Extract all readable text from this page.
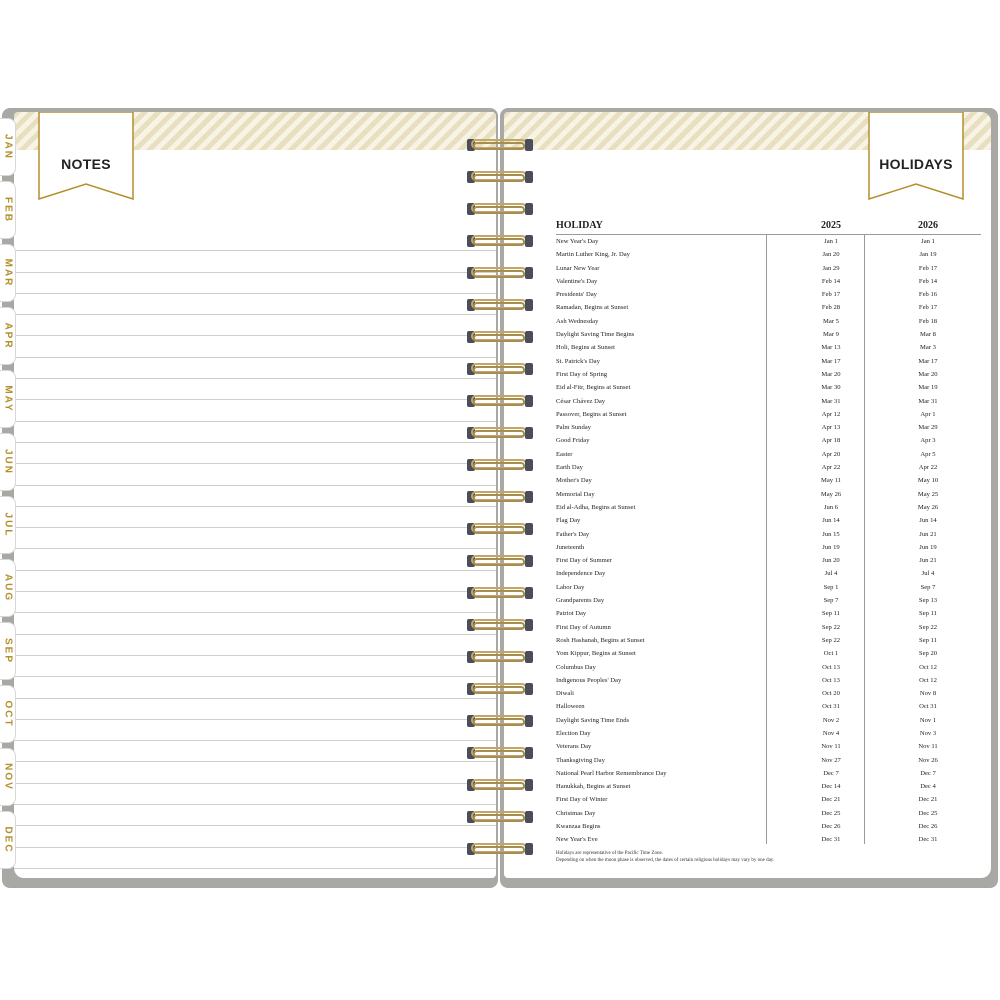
NOTES
JAN
FEB
MAR
APR
MAY
JUN
JUL
AUG
SEP
OCT
NOV
DEC
HOLIDAYS
HOLIDAY	2025	2026
New Year's Day	Jan 1	Jan 1
Martin Luther King, Jr. Day	Jan 20	Jan 19
Lunar New Year	Jan 29	Feb 17
Valentine's Day	Feb 14	Feb 14
Presidents' Day	Feb 17	Feb 16
Ramadan, Begins at Sunset	Feb 28	Feb 17
Ash Wednesday	Mar 5	Feb 18
Daylight Saving Time Begins	Mar 9	Mar 8
Holi, Begins at Sunset	Mar 13	Mar 3
St. Patrick's Day	Mar 17	Mar 17
First Day of Spring	Mar 20	Mar 20
Eid al-Fitr, Begins at Sunset	Mar 30	Mar 19
César Chávez Day	Mar 31	Mar 31
Passover, Begins at Sunset	Apr 12	Apr 1
Palm Sunday	Apr 13	Mar 29
Good Friday	Apr 18	Apr 3
Easter	Apr 20	Apr 5
Earth Day	Apr 22	Apr 22
Mother's Day	May 11	May 10
Memorial Day	May 26	May 25
Eid al-Adha, Begins at Sunset	Jun 6	May 26
Flag Day	Jun 14	Jun 14
Father's Day	Jun 15	Jun 21
Juneteenth	Jun 19	Jun 19
First Day of Summer	Jun 20	Jun 21
Independence Day	Jul 4	Jul 4
Labor Day	Sep 1	Sep 7
Grandparents Day	Sep 7	Sep 13
Patriot Day	Sep 11	Sep 11
First Day of Autumn	Sep 22	Sep 22
Rosh Hashanah, Begins at Sunset	Sep 22	Sep 11
Yom Kippur, Begins at Sunset	Oct 1	Sep 20
Columbus Day	Oct 13	Oct 12
Indigenous Peoples' Day	Oct 13	Oct 12
Diwali	Oct 20	Nov 8
Halloween	Oct 31	Oct 31
Daylight Saving Time Ends	Nov 2	Nov 1
Election Day	Nov 4	Nov 3
Veterans Day	Nov 11	Nov 11
Thanksgiving Day	Nov 27	Nov 26
National Pearl Harbor Remembrance Day	Dec 7	Dec 7
Hanukkah, Begins at Sunset	Dec 14	Dec 4
First Day of Winter	Dec 21	Dec 21
Christmas Day	Dec 25	Dec 25
Kwanzaa Begins	Dec 26	Dec 26
New Year's Eve	Dec 31	Dec 31
Holidays are representative of the Pacific Time Zone.
Depending on when the moon phase is observed, the dates of certain religious holidays may vary by one day.
